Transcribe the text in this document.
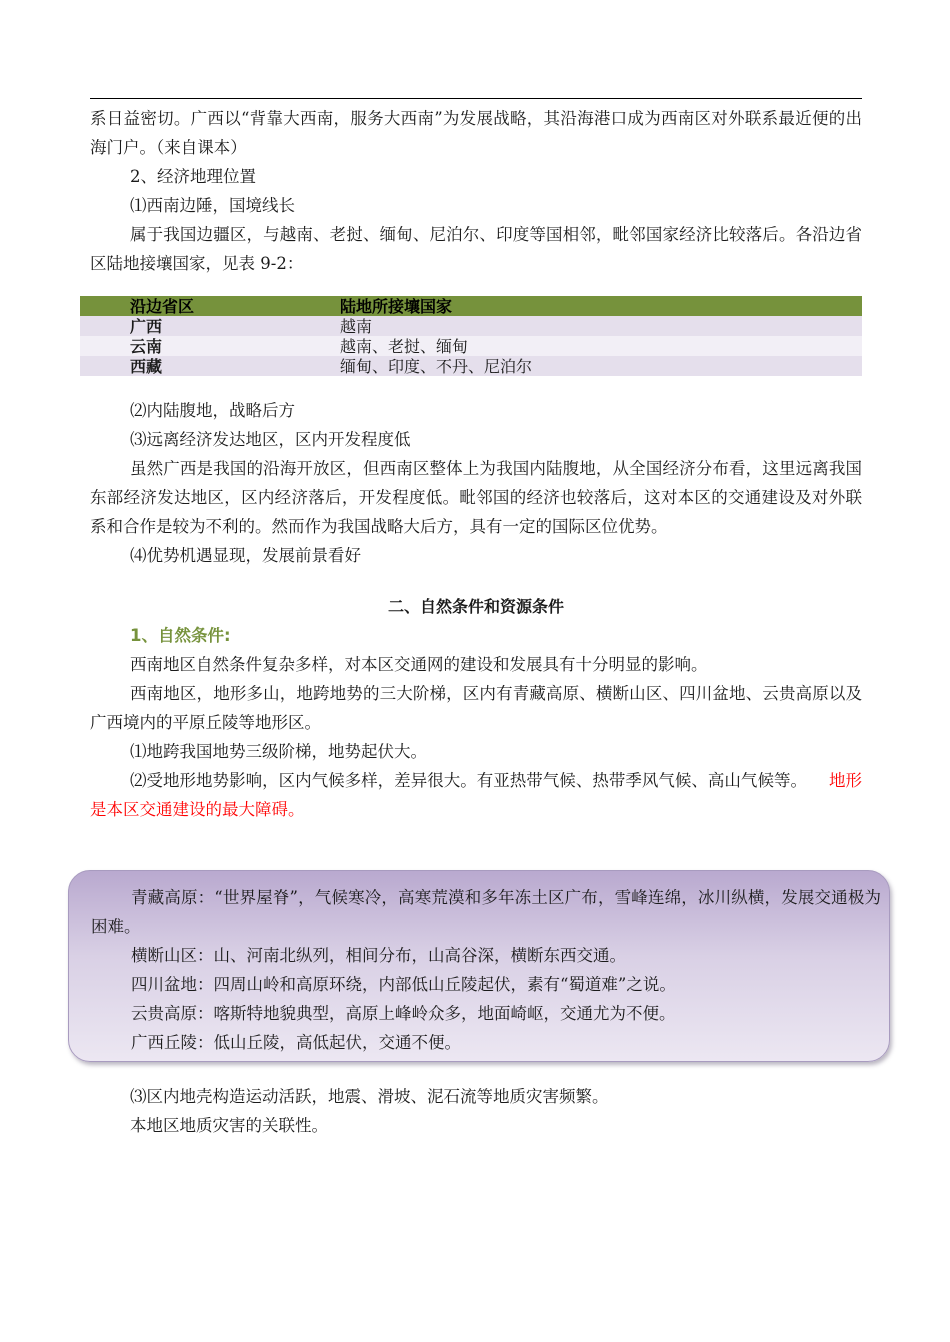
系日益密切。广西以“背靠大西南，服务大西南”为发展战略，其沿海港口成为西南区对外联系最近便的出海门户。（来自课本）

2、经济地理位置

⑴西南边陲，国境线长

属于我国边疆区，与越南、老挝、缅甸、尼泊尔、印度等国相邻，毗邻国家经济比较落后。各沿边省区陆地接壤国家，见表 9-2：

沿边省区	陆地所接壤国家
广西	越南
云南	越南、老挝、缅甸
西藏	缅甸、印度、不丹、尼泊尔

⑵内陆腹地，战略后方

⑶远离经济发达地区，区内开发程度低

虽然广西是我国的沿海开放区，但西南区整体上为我国内陆腹地，从全国经济分布看，这里远离我国东部经济发达地区，区内经济落后，开发程度低。毗邻国的经济也较落后，这对本区的交通建设及对外联系和合作是较为不利的。然而作为我国战略大后方，具有一定的国际区位优势。

⑷优势机遇显现，发展前景看好

二、自然条件和资源条件

1、自然条件:

西南地区自然条件复杂多样，对本区交通网的建设和发展具有十分明显的影响。

西南地区，地形多山，地跨地势的三大阶梯，区内有青藏高原、横断山区、四川盆地、云贵高原以及广西境内的平原丘陵等地形区。

⑴地跨我国地势三级阶梯，地势起伏大。

⑵受地形地势影响，区内气候多样，差异很大。有亚热带气候、热带季风气候、高山气候等。 地形是本区交通建设的最大障碍。

青藏高原：“世界屋脊”，气候寒冷，高寒荒漠和多年冻土区广布，雪峰连绵，冰川纵横，发展交通极为困难。

横断山区：山、河南北纵列，相间分布，山高谷深，横断东西交通。

四川盆地：四周山岭和高原环绕，内部低山丘陵起伏，素有“蜀道难”之说。

云贵高原：喀斯特地貌典型，高原上峰岭众多，地面崎岖，交通尤为不便。

广西丘陵：低山丘陵，高低起伏，交通不便。

⑶区内地壳构造运动活跃，地震、滑坡、泥石流等地质灾害频繁。

本地区地质灾害的关联性。
